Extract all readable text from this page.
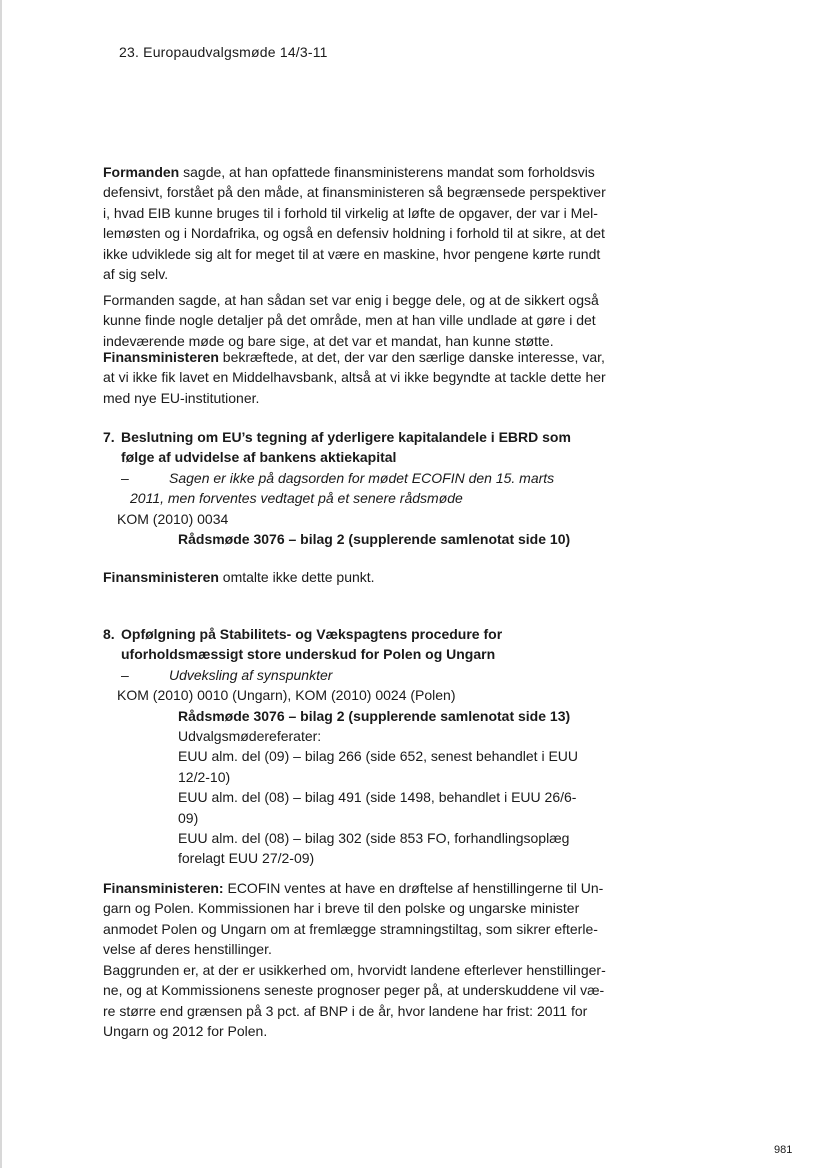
23. Europaudvalgsmøde 14/3-11
Formanden sagde, at han opfattede finansministerens mandat som forholdsvis
defensivt, forstået på den måde, at finansministeren så begrænsede perspektiver
i, hvad EIB kunne bruges til i forhold til virkelig at løfte de opgaver, der var i Mel-
lemøsten og i Nordafrika, og også en defensiv holdning i forhold til at sikre, at det
ikke udviklede sig alt for meget til at være en maskine, hvor pengene kørte rundt
af sig selv.
Formanden sagde, at han sådan set var enig i begge dele, og at de sikkert også
kunne finde nogle detaljer på det område, men at han ville undlade at gøre i det
indeværende møde og bare sige, at det var et mandat, han kunne støtte.
Finansministeren bekræftede, at det, der var den særlige danske interesse, var,
at vi ikke fik lavet en Middelhavsbank, altså at vi ikke begyndte at tackle dette her
med nye EU-institutioner.
Finansministeren omtalte ikke dette punkt.
Finansministeren: ECOFIN ventes at have en drøftelse af henstillingerne til Un-
garn og Polen. Kommissionen har i breve til den polske og ungarske minister
anmodet Polen og Ungarn om at fremlægge stramningstiltag, som sikrer efterle-
velse af deres henstillinger.
Baggrunden er, at der er usikkerhed om, hvorvidt landene efterlever henstillinger-
ne, og at Kommissionens seneste prognoser peger på, at underskuddene vil væ-
re større end grænsen på 3 pct. af BNP i de år, hvor landene har frist: 2011 for
Ungarn og 2012 for Polen.
7. Beslutning om EU’s tegning af yderligere kapitalandele i EBRD som
følge af udvidelse af bankens aktiekapital
–	Sagen er ikke på dagsorden for mødet ECOFIN den 15. marts
2011, men forventes vedtaget på et senere rådsmøde
KOM (2010) 0034
Rådsmøde 3076 – bilag 2 (supplerende samlenotat side 10)
8. Opfølgning på Stabilitets- og Vækspagtens procedure for
uforholdsmæssigt store underskud for Polen og Ungarn
–	Udveksling af synspunkter
KOM (2010) 0010 (Ungarn), KOM (2010) 0024 (Polen)
Rådsmøde 3076 – bilag 2 (supplerende samlenotat side 13)
Udvalgsmødereferater:
EUU alm. del (09) – bilag 266 (side 652, senest behandlet i EUU
12/2-10)
EUU alm. del (08) – bilag 491 (side 1498, behandlet i EUU 26/6-
09)
EUU alm. del (08) – bilag 302 (side 853 FO, forhandlingsoplæg
forelagt EUU 27/2-09)
981
